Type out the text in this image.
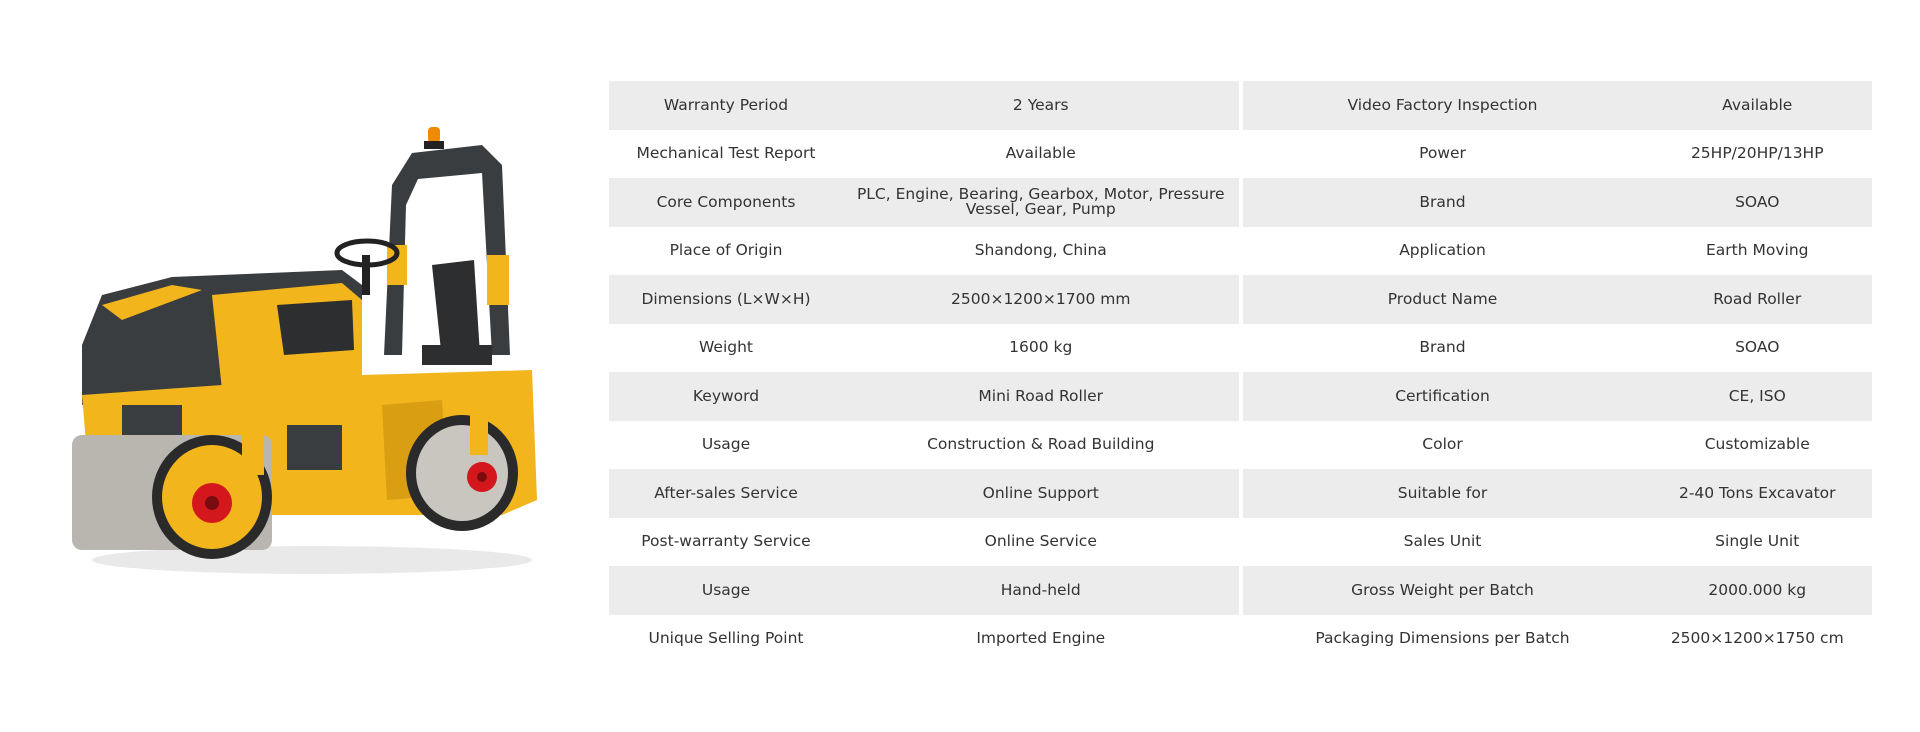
Warranty Period	2 Years	Video Factory Inspection	Available
Mechanical Test Report	Available	Power	25HP/20HP/13HP
Core Components	PLC, Engine, Bearing, Gearbox, Motor, Pressure Vessel, Gear, Pump	Brand	SOAO
Place of Origin	Shandong, China	Application	Earth Moving
Dimensions (L×W×H)	2500×1200×1700 mm	Product Name	Road Roller
Weight	1600 kg	Brand	SOAO
Keyword	Mini Road Roller	Certification	CE, ISO
Usage	Construction & Road Building	Color	Customizable
After-sales Service	Online Support	Suitable for	2-40 Tons Excavator
Post-warranty Service	Online Service	Sales Unit	Single Unit
Usage	Hand-held	Gross Weight per Batch	2000.000 kg
Unique Selling Point	Imported Engine	Packaging Dimensions per Batch	2500×1200×1750 cm
